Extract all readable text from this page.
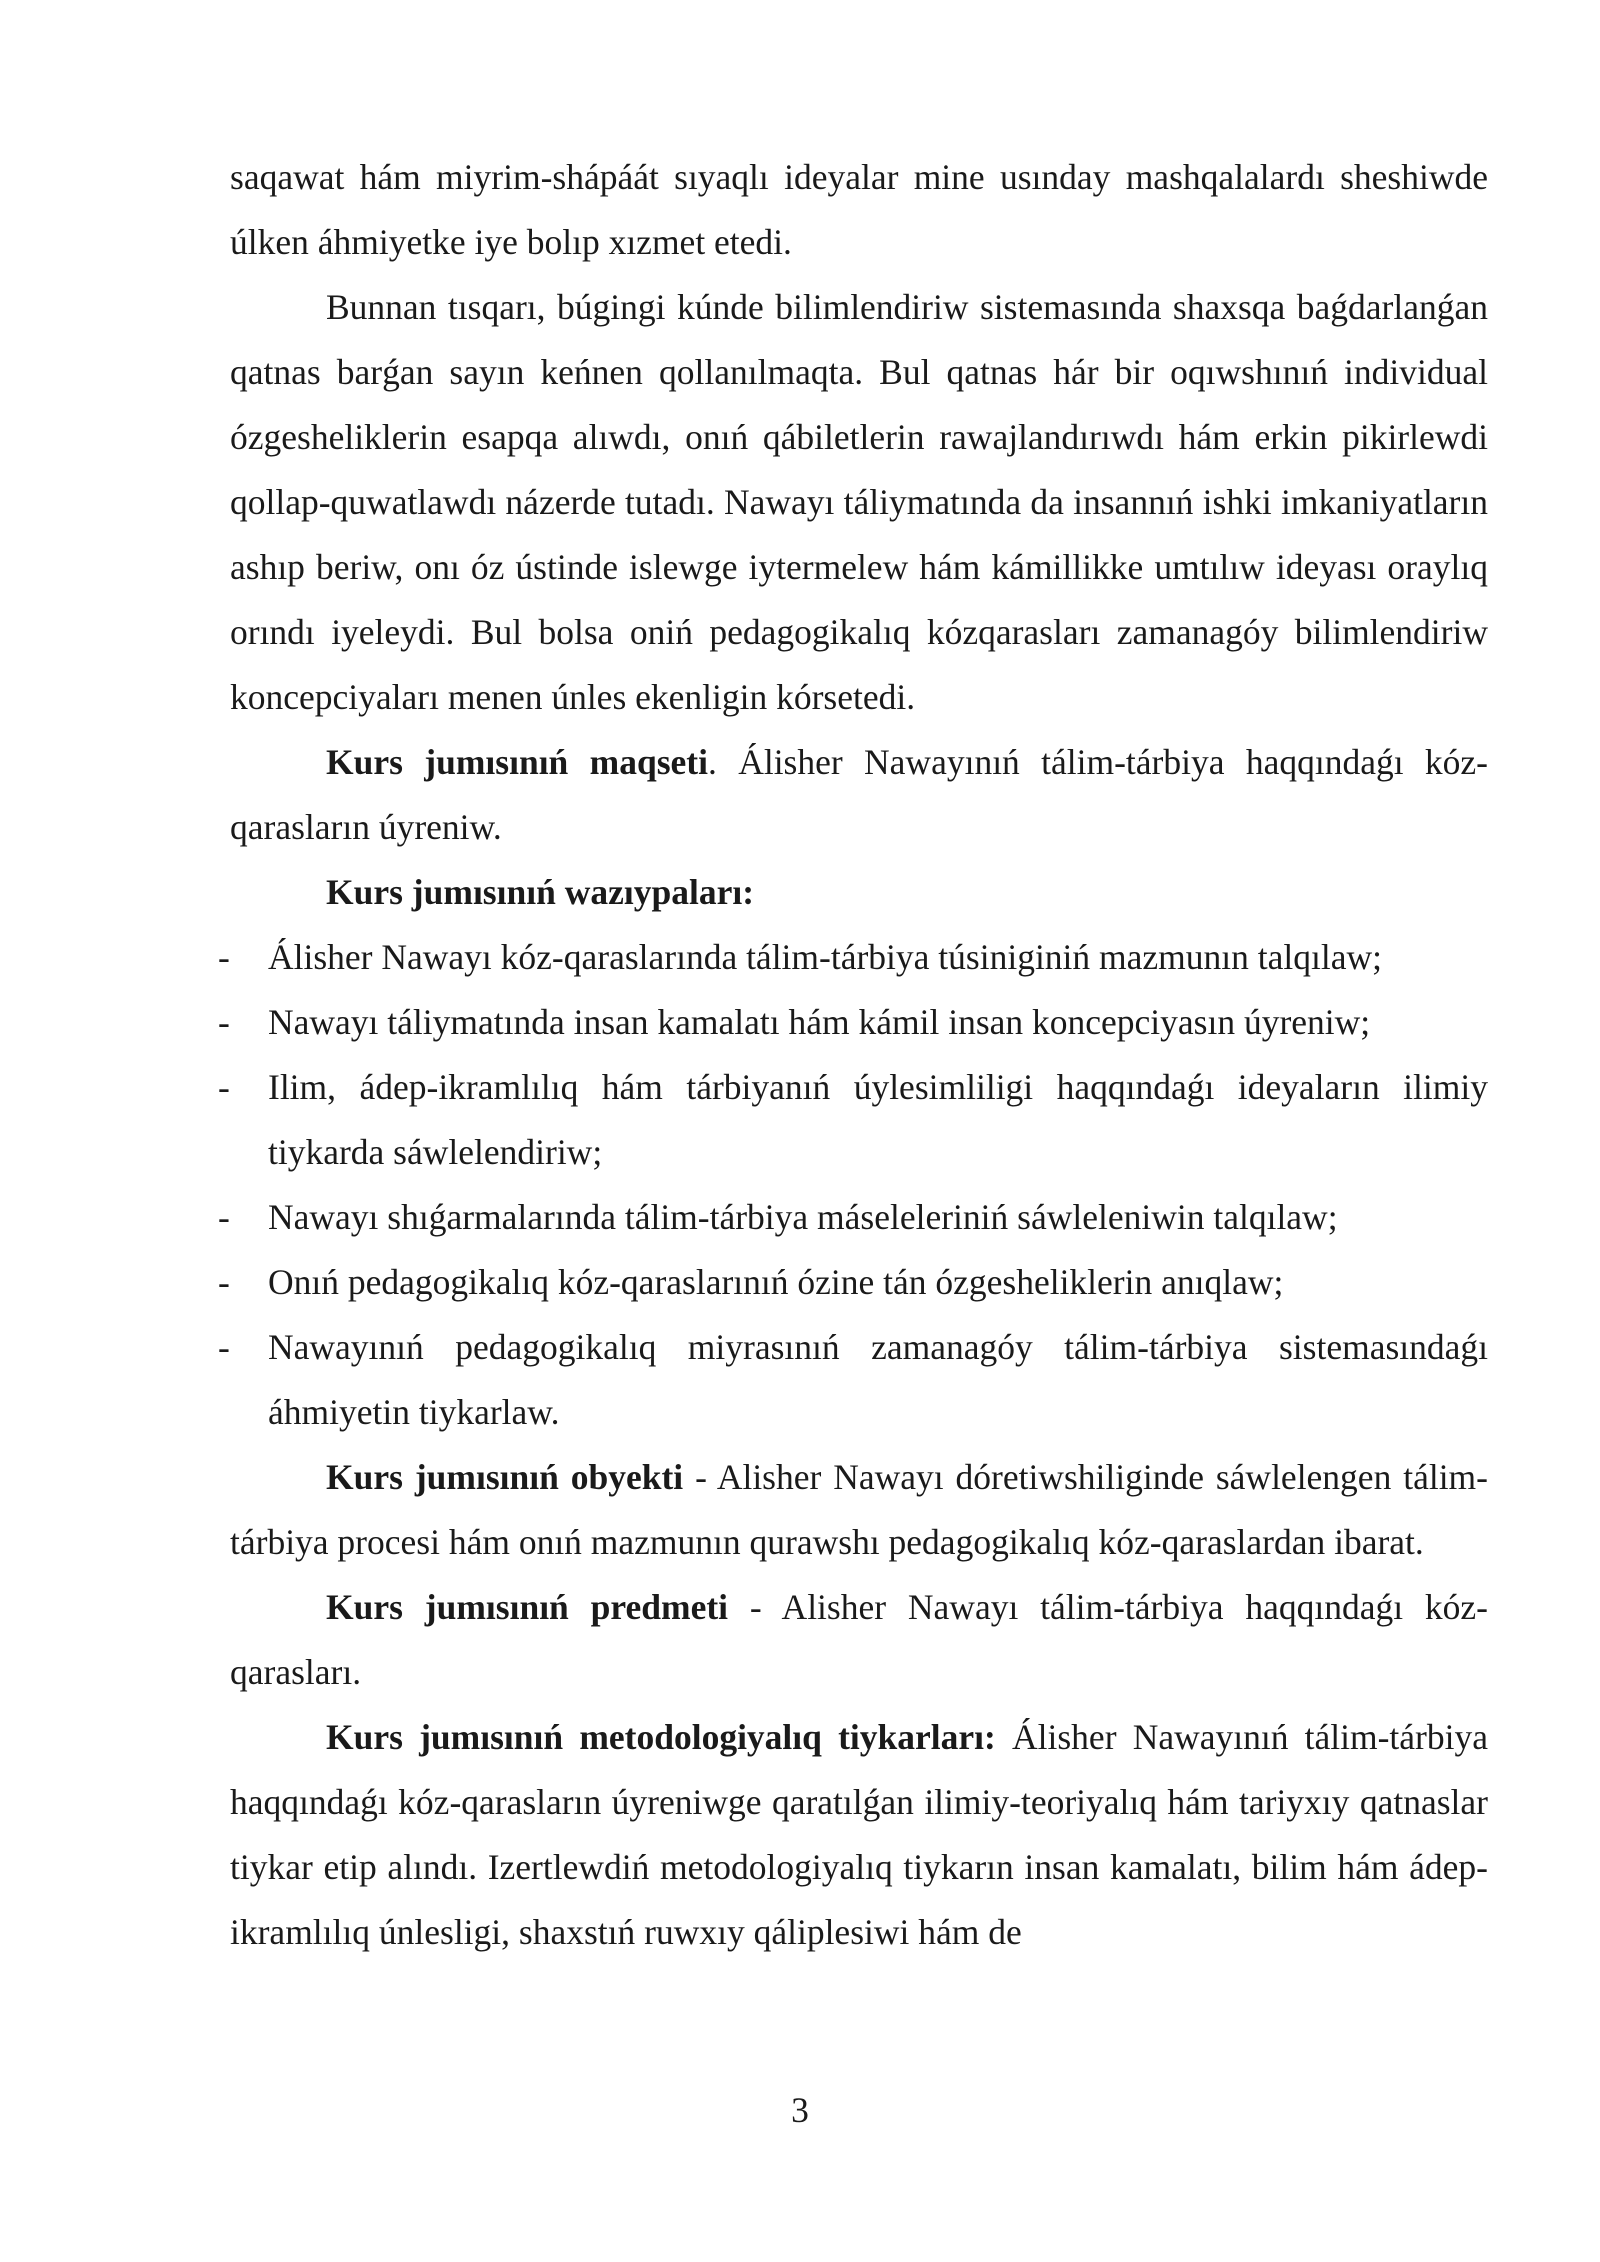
saqawat hám miyrim-shápáát sıyaqlı ideyalar mine usınday mashqalalardı sheshiwde úlken áhmiyetke iye bolıp xızmet etedi.

Bunnan tısqarı, búgingi kúnde bilimlendiriw sistemasında shaxsqa baǵdarlanǵan qatnas barǵan sayın keńnen qollanılmaqta. Bul qatnas hár bir oqıwshınıń individual ózgesheliklerin esapqa alıwdı, onıń qábiletlerin rawajlandırıwdı hám erkin pikirlewdi qollap-quwatlawdı názerde tutadı. Nawayı táliymatında da insannıń ishki imkaniyatların ashıp beriw, onı óz ústinde islewge iytermelew hám kámillikke umtılıw ideyası oraylıq orındı iyeleydi. Bul bolsa oniń pedagogikalıq kózqarasları zamanagóy bilimlendiriw koncepciyaları menen únles ekenligin kórsetedi.

Kurs jumısınıń maqseti. Álisher Nawayınıń tálim-tárbiya haqqındaǵı kóz-qarasların úyreniw.

Kurs jumısınıń wazıypaları:

- Álisher Nawayı kóz-qaraslarında tálim-tárbiya túsiniginiń mazmunın talqılaw;
- Nawayı táliymatında insan kamalatı hám kámil insan koncepciyasın úyreniw;
- Ilim, ádep-ikramlılıq hám tárbiyanıń úylesimliligi haqqındaǵı ideyaların ilimiy tiykarda sáwlelendiriw;
- Nawayı shıǵarmalarında tálim-tárbiya máseleleriniń sáwleleniwin talqılaw;
- Onıń pedagogikalıq kóz-qaraslarınıń ózine tán ózgesheliklerin anıqlaw;
- Nawayınıń pedagogikalıq miyrasınıń zamanagóy tálim-tárbiya sistemasındaǵı áhmiyetin tiykarlaw.

Kurs jumısınıń obyekti - Alisher Nawayı dóretiwshiliginde sáwlelengen tálim-tárbiya procesi hám onıń mazmunın qurawshı pedagogikalıq kóz-qaraslardan ibarat.

Kurs jumısınıń predmeti - Alisher Nawayı tálim-tárbiya haqqındaǵı kóz-qarasları.

Kurs jumısınıń metodologiyalıq tiykarları: Álisher Nawayınıń tálim-tárbiya haqqındaǵı kóz-qarasların úyreniwge qaratılǵan ilimiy-teoriyalıq hám tariyxıy qatnaslar tiykar etip alındı. Izertlewdiń metodologiyalıq tiykarın insan kamalatı, bilim hám ádep-ikramlılıq únlesligi, shaxstıń ruwxıy qáliplesiwi hám de

3
